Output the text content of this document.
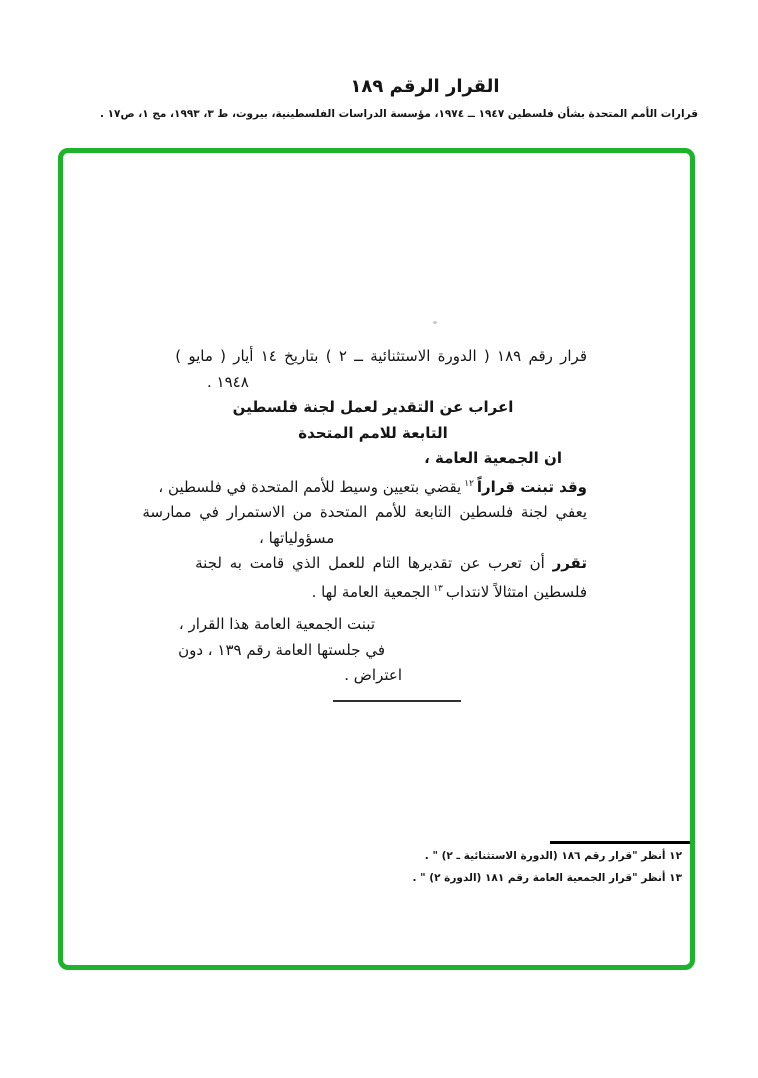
القرار الرقم ١٨٩
قرارات الأمم المتحدة بشأن فلسطين ١٩٤٧ ــ ١٩٧٤، مؤسسة الدراسات الفلسطينية، بيروت، ط ٣، ١٩٩٣، مج ١، ص١٧ .
قرار رقم ١٨٩ ( الدورة الاستثنائية ــ ٢ ) بتاريخ ١٤ أيار ( مايو )
١٩٤٨ .
اعراب عن التقدير لعمل لجنة فلسطين
التابعة للامم المتحدة
ان الجمعية العامة ،
وقد تبنت قراراً$^{١٢}$يقضي بتعيين وسيط للأمم المتحدة في فلسطين ،
يعفي لجنة فلسطين التابعة للأمم المتحدة من الاستمرار في ممارسة
مسؤولياتها ،
تقرر أن تعرب عن تقديرها التام للعمل الذي قامت به لجنة
فلسطين امتثالاً لانتداب$^{١٣}$الجمعية العامة لها .
تبنت الجمعية العامة هذا القرار ،
في جلستها العامة رقم ١٣٩ ، دون
اعتراض .
١٢ أنظر "قرار رقم ١٨٦ (الدورة الاستثنائية ـ ٢) " .
١٣ أنظر "قرار الجمعية العامة رقم ١٨١ (الدورة ٢) " .
